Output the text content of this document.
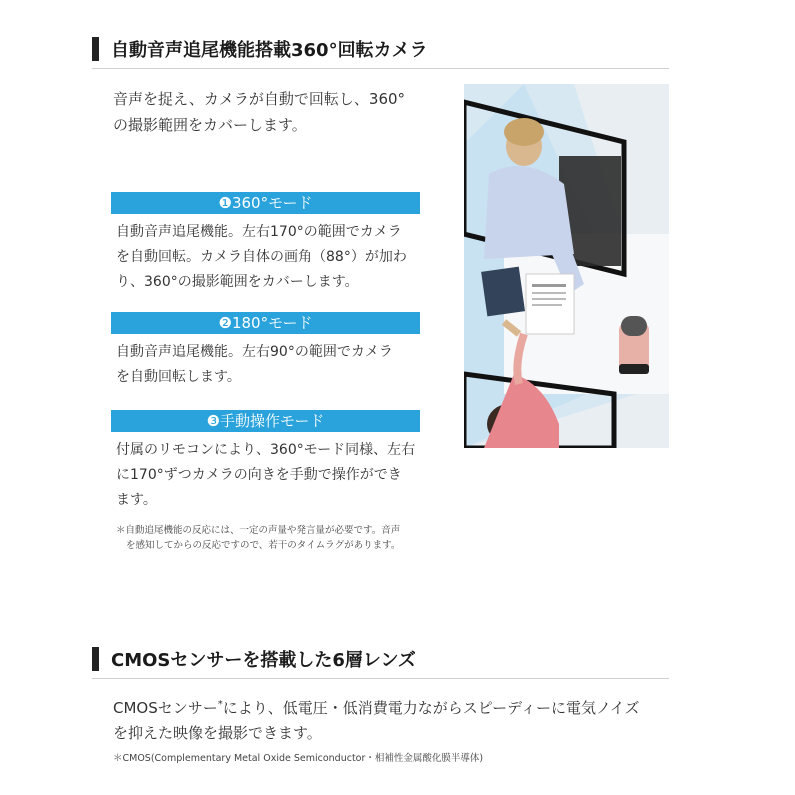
自動音声追尾機能搭載360°回転カメラ
音声を捉え、カメラが自動で回転し、360°
の撮影範囲をカバーします。
❶360°モード
自動音声追尾機能。左右170°の範囲でカメラ
を自動回転。カメラ自体の画角（88°）が加わ
り、360°の撮影範囲をカバーします。
❷180°モード
自動音声追尾機能。左右90°の範囲でカメラ
を自動回転します。
❸手動操作モード
付属のリモコンにより、360°モード同様、左右
に170°ずつカメラの向きを手動で操作ができ
ます。
＊自動追尾機能の反応には、一定の声量や発言量が必要です。音声
を感知してからの反応ですので、若干のタイムラグがあります。
CMOSセンサーを搭載した6層レンズ
CMOSセンサー*により、低電圧・低消費電力ながらスピーディーに電気ノイズ
を抑えた映像を撮影できます。
＊CMOS(Complementary Metal Oxide Semiconductor・相補性金属酸化膜半導体)
